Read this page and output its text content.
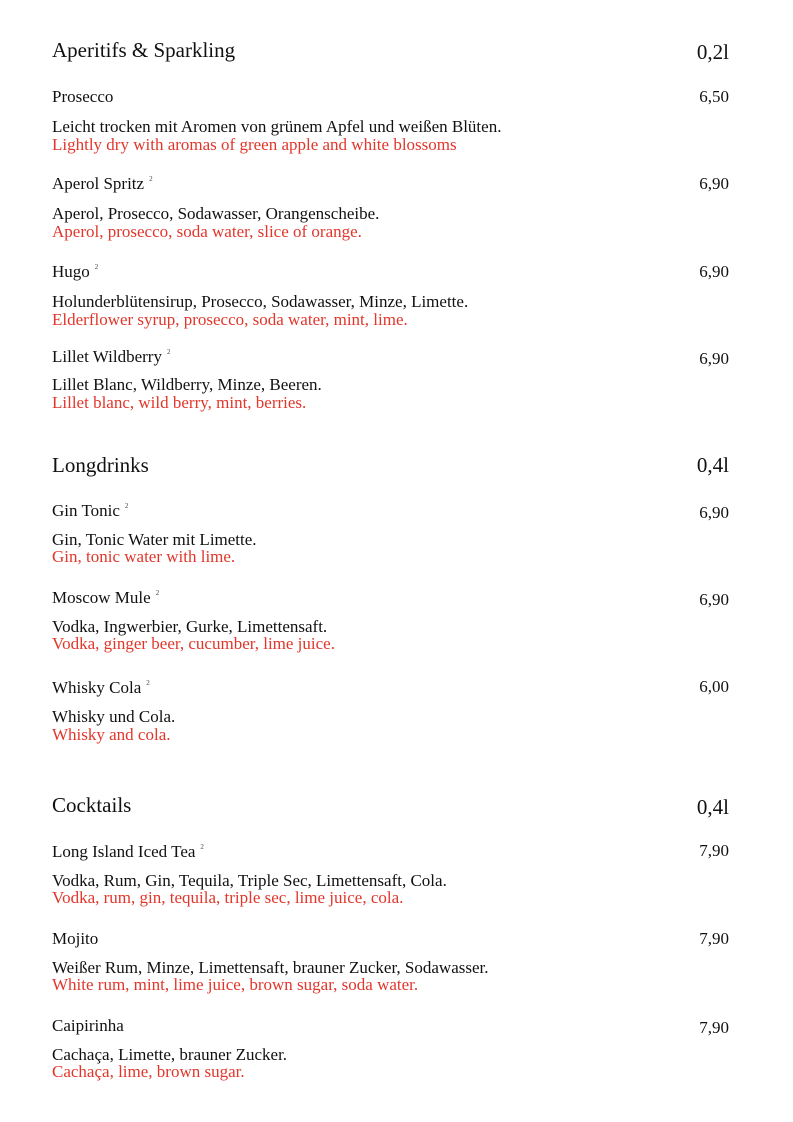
Aperitifs & Sparkling	0,2l
Prosecco	6,50
Leicht trocken mit Aromen von grünem Apfel und weißen Blüten.
Lightly dry with aromas of green apple and white blossoms
Aperol Spritz $^2$	6,90
Aperol, Prosecco, Sodawasser, Orangenscheibe.
Aperol, prosecco, soda water, slice of orange.
Hugo $^2$	6,90
Holunderblütensirup, Prosecco, Sodawasser, Minze, Limette.
Elderflower syrup, prosecco, soda water, mint, lime.
Lillet Wildberry $^2$	6,90
Lillet Blanc, Wildberry, Minze, Beeren.
Lillet blanc, wild berry, mint, berries.
Longdrinks	0,4l
Gin Tonic $^2$	6,90
Gin, Tonic Water mit Limette.
Gin, tonic water with lime.
Moscow Mule $^2$	6,90
Vodka, Ingwerbier, Gurke, Limettensaft.
Vodka, ginger beer, cucumber, lime juice.
Whisky Cola $^2$	6,00
Whisky und Cola.
Whisky and cola.
Cocktails	0,4l
Long Island Iced Tea $^2$	7,90
Vodka, Rum, Gin, Tequila, Triple Sec, Limettensaft, Cola.
Vodka, rum, gin, tequila, triple sec, lime juice, cola.
Mojito	7,90
Weißer Rum, Minze, Limettensaft, brauner Zucker, Sodawasser.
White rum, mint, lime juice, brown sugar, soda water.
Caipirinha	7,90
Cachaça, Limette, brauner Zucker.
Cachaça, lime, brown sugar.
